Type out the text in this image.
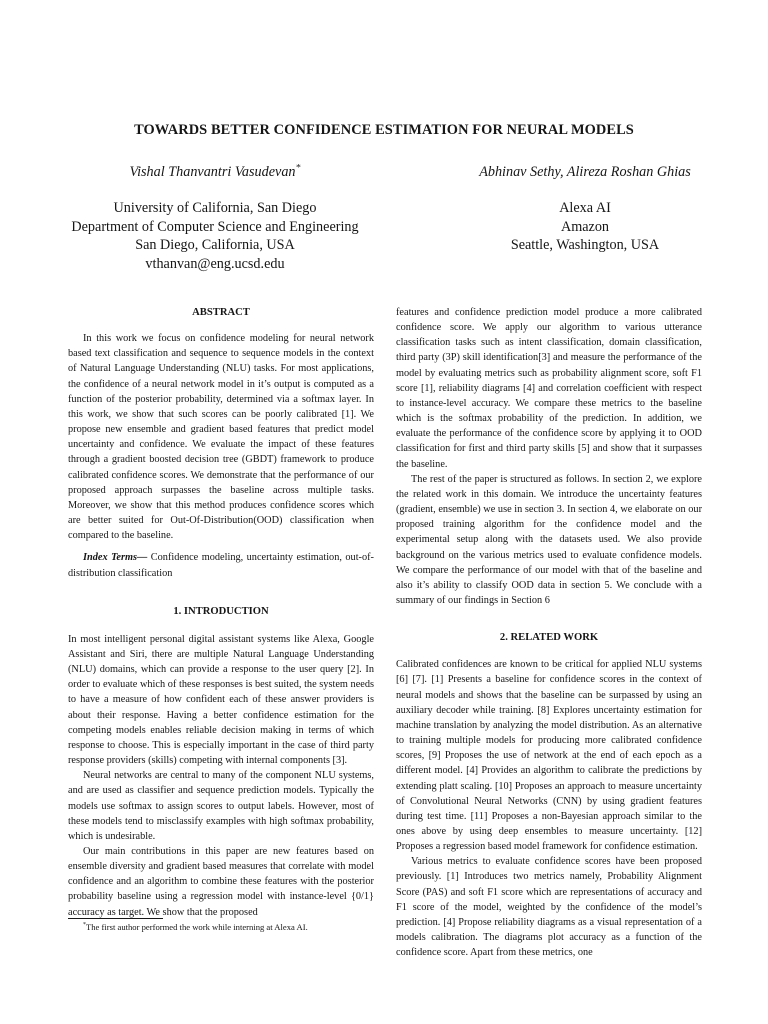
TOWARDS BETTER CONFIDENCE ESTIMATION FOR NEURAL MODELS
Vishal Thanvantri Vasudevan*	Abhinav Sethy, Alireza Roshan Ghias
University of California, San Diego
Department of Computer Science and Engineering
San Diego, California, USA
vthanvan@eng.ucsd.edu
Alexa AI
Amazon
Seattle, Washington, USA
ABSTRACT

In this work we focus on confidence modeling for neural network based text classification and sequence to sequence models in the context of Natural Language Understanding (NLU) tasks. For most applications, the confidence of a neural network model in it’s output is computed as a function of the posterior probability, determined via a softmax layer. In this work, we show that such scores can be poorly calibrated [1]. We propose new ensemble and gradient based features that predict model uncertainty and confidence. We evaluate the impact of these features through a gradient boosted decision tree (GBDT) framework to produce calibrated confidence scores. We demonstrate that the performance of our proposed approach surpasses the baseline across multiple tasks. Moreover, we show that this method produces confidence scores which are better suited for Out-Of-Distribution(OOD) classification when compared to the baseline.

Index Terms— Confidence modeling, uncertainty estimation, out-of-distribution classification

1. INTRODUCTION

In most intelligent personal digital assistant systems like Alexa, Google Assistant and Siri, there are multiple Natural Language Understanding (NLU) domains, which can provide a response to the user query [2]. In order to evaluate which of these responses is best suited, the system needs to have a measure of how confident each of these answer providers is about their response. Having a better confidence estimation for the competing models enables reliable decision making in terms of which response to choose. This is especially important in the case of third party response providers (skills) competing with internal components [3].

Neural networks are central to many of the component NLU systems, and are used as classifier and sequence prediction models. Typically the models use softmax to assign scores to output labels. However, most of these models tend to misclassify examples with high softmax probability, which is undesirable.

Our main contributions in this paper are new features based on ensemble diversity and gradient based measures that correlate with model confidence and an algorithm to combine these features with the posterior probability baseline using a regression model with instance-level {0/1} accuracy as target. We show that the proposed

*The first author performed the work while interning at Alexa AI.

features and confidence prediction model produce a more calibrated confidence score. We apply our algorithm to various utterance classification tasks such as intent classification, domain classification, third party (3P) skill identification[3] and measure the performance of the model by evaluating metrics such as probability alignment score, soft F1 score [1], reliability diagrams [4] and correlation coefficient with respect to instance-level accuracy. We compare these metrics to the baseline which is the softmax probability of the prediction. In addition, we evaluate the performance of the confidence score by applying it to OOD classification for first and third party skills [5] and show that it surpasses the baseline.

The rest of the paper is structured as follows. In section 2, we explore the related work in this domain. We introduce the uncertainty features (gradient, ensemble) we use in section 3. In section 4, we elaborate on our proposed training algorithm for the confidence model and the experimental setup along with the datasets used. We also provide background on the various metrics used to evaluate confidence models. We compare the performance of our model with that of the baseline and also it’s ability to classify OOD data in section 5. We conclude with a summary of our findings in Section 6

2. RELATED WORK

Calibrated confidences are known to be critical for applied NLU systems [6] [7]. [1] Presents a baseline for confidence scores in the context of neural models and shows that the baseline can be surpassed by using an auxiliary decoder while training. [8] Explores uncertainty estimation for machine translation by analyzing the model distribution. As an alternative to training multiple models for producing more calibrated confidence scores, [9] Proposes the use of network at the end of each epoch as a different model. [4] Provides an algorithm to calibrate the predictions by extending platt scaling. [10] Proposes an approach to measure uncertainty of Convolutional Neural Networks (CNN) by using gradient features during test time. [11] Proposes a non-Bayesian approach similar to the ones above by using deep ensembles to measure uncertainty. [12] Proposes a regression based model framework for confidence estimation.

Various metrics to evaluate confidence scores have been proposed previously. [1] Introduces two metrics namely, Probability Alignment Score (PAS) and soft F1 score which are representations of accuracy and F1 score of the model, weighted by the confidence of the model’s prediction. [4] Propose reliability diagrams as a visual representation of a models calibration. The diagrams plot accuracy as a function of the confidence score. Apart from these metrics, one
